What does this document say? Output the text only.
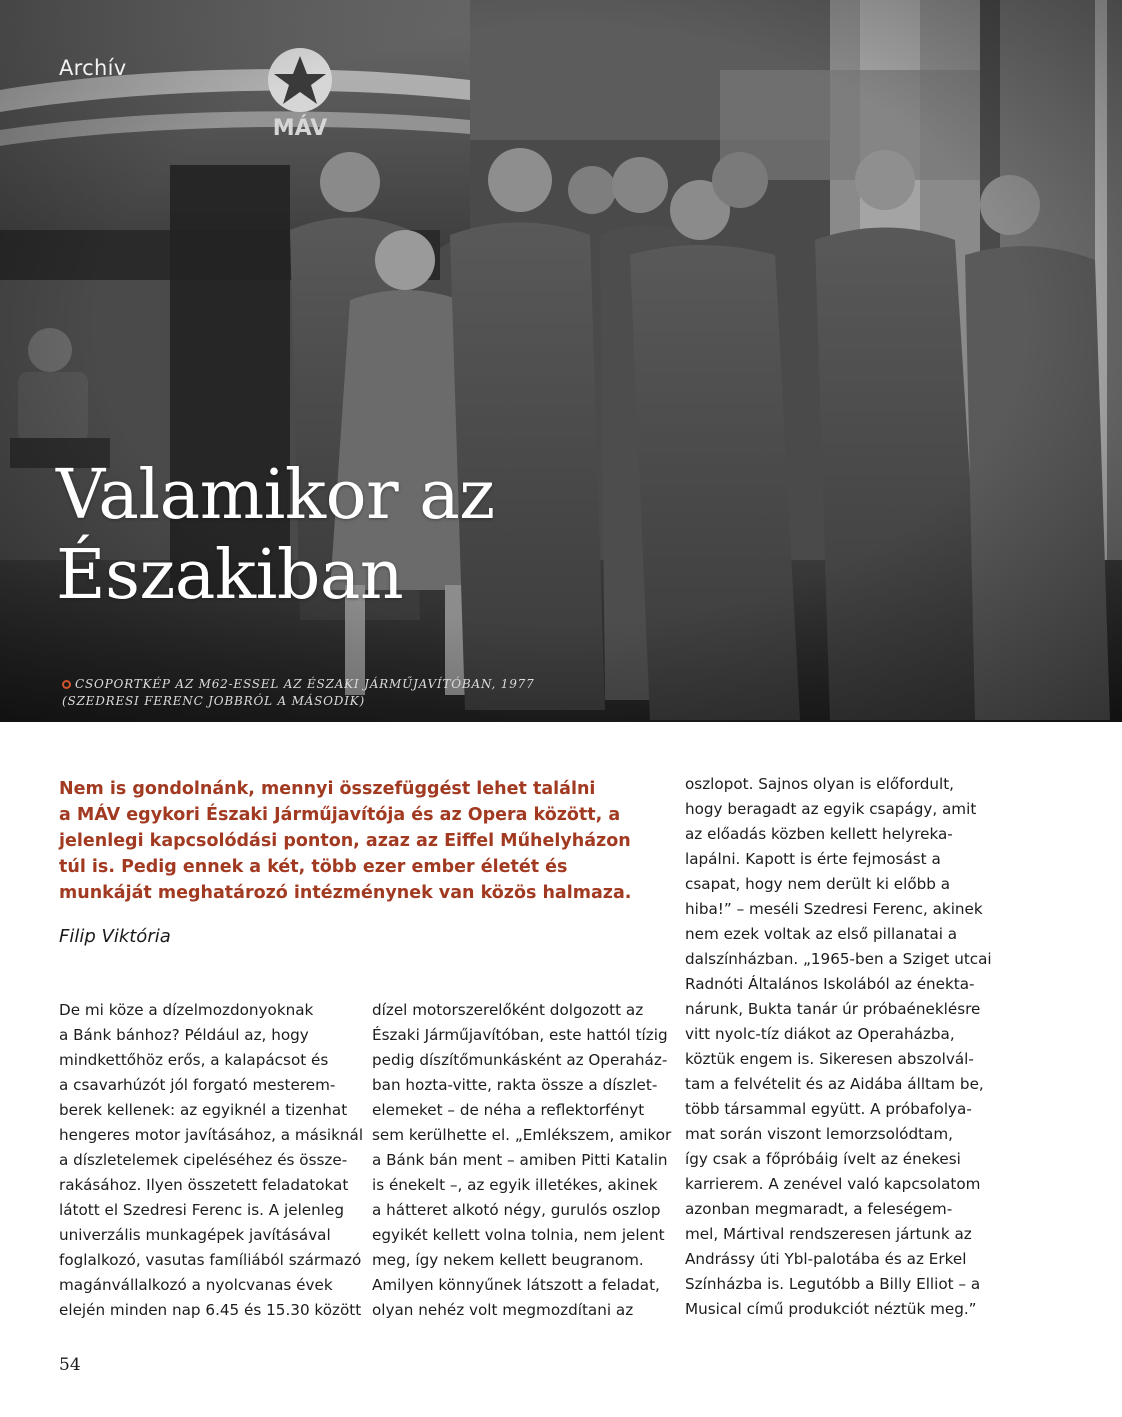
Archív
Valamikor az Északiban
CSOPORTKÉP AZ M62-ESSEL AZ ÉSZAKI JÁRMŰJAVÍTÓBAN, 1977
(SZEDRESI FERENC JOBBRÓL A MÁSODIK)
Nem is gondolnánk, mennyi összefüggést lehet találni
a MÁV egykori Északi Járműjavítója és az Opera között, a
jelenlegi kapcsolódási ponton, azaz az Eiffel Műhelyházon
túl is. Pedig ennek a két, több ezer ember életét és
munkáját meghatározó intézménynek van közös halmaza.
Filip Viktória
De mi köze a dízelmozdonyoknak
a Bánk bánhoz? Például az, hogy
mindkettőhöz erős, a kalapácsot és
a csavarhúzót jól forgató mesterem-
berek kellenek: az egyiknél a tizenhat
hengeres motor javításához, a másiknál
a díszletelemek cipeléséhez és össze-
rakásához. Ilyen összetett feladatokat
látott el Szedresi Ferenc is. A jelenleg
univerzális munkagépek javításával
foglalkozó, vasutas famíliából származó
magánvállalkozó a nyolcvanas évek
elején minden nap 6.45 és 15.30 között
dízel motorszerelőként dolgozott az
Északi Járműjavítóban, este hattól tízig
pedig díszítőmunkásként az Operaház-
ban hozta-vitte, rakta össze a díszlet-
elemeket – de néha a reflektorfényt
sem kerülhette el. „Emlékszem, amikor
a Bánk bán ment – amiben Pitti Katalin
is énekelt –, az egyik illetékes, akinek
a hátteret alkotó négy, gurulós oszlop
egyikét kellett volna tolnia, nem jelent
meg, így nekem kellett beugranom.
Amilyen könnyűnek látszott a feladat,
olyan nehéz volt megmozdítani az
oszlopot. Sajnos olyan is előfordult,
hogy beragadt az egyik csapágy, amit
az előadás közben kellett helyreka-
lapálni. Kapott is érte fejmosást a
csapat, hogy nem derült ki előbb a
hiba!” – meséli Szedresi Ferenc, akinek
nem ezek voltak az első pillanatai a
dalszínházban. „1965-ben a Sziget utcai
Radnóti Általános Iskolából az énekta-
nárunk, Bukta tanár úr próbaéneklésre
vitt nyolc-tíz diákot az Operaházba,
köztük engem is. Sikeresen abszolvál-
tam a felvételit és az Aidába álltam be,
több társammal együtt. A próbafolya-
mat során viszont lemorzsolódtam,
így csak a főpróbáig ívelt az énekesi
karrierem. A zenével való kapcsolatom
azonban megmaradt, a feleségem-
mel, Mártival rendszeresen jártunk az
Andrássy úti Ybl-palotába és az Erkel
Színházba is. Legutóbb a Billy Elliot – a
Musical című produkciót néztük meg.”
54
